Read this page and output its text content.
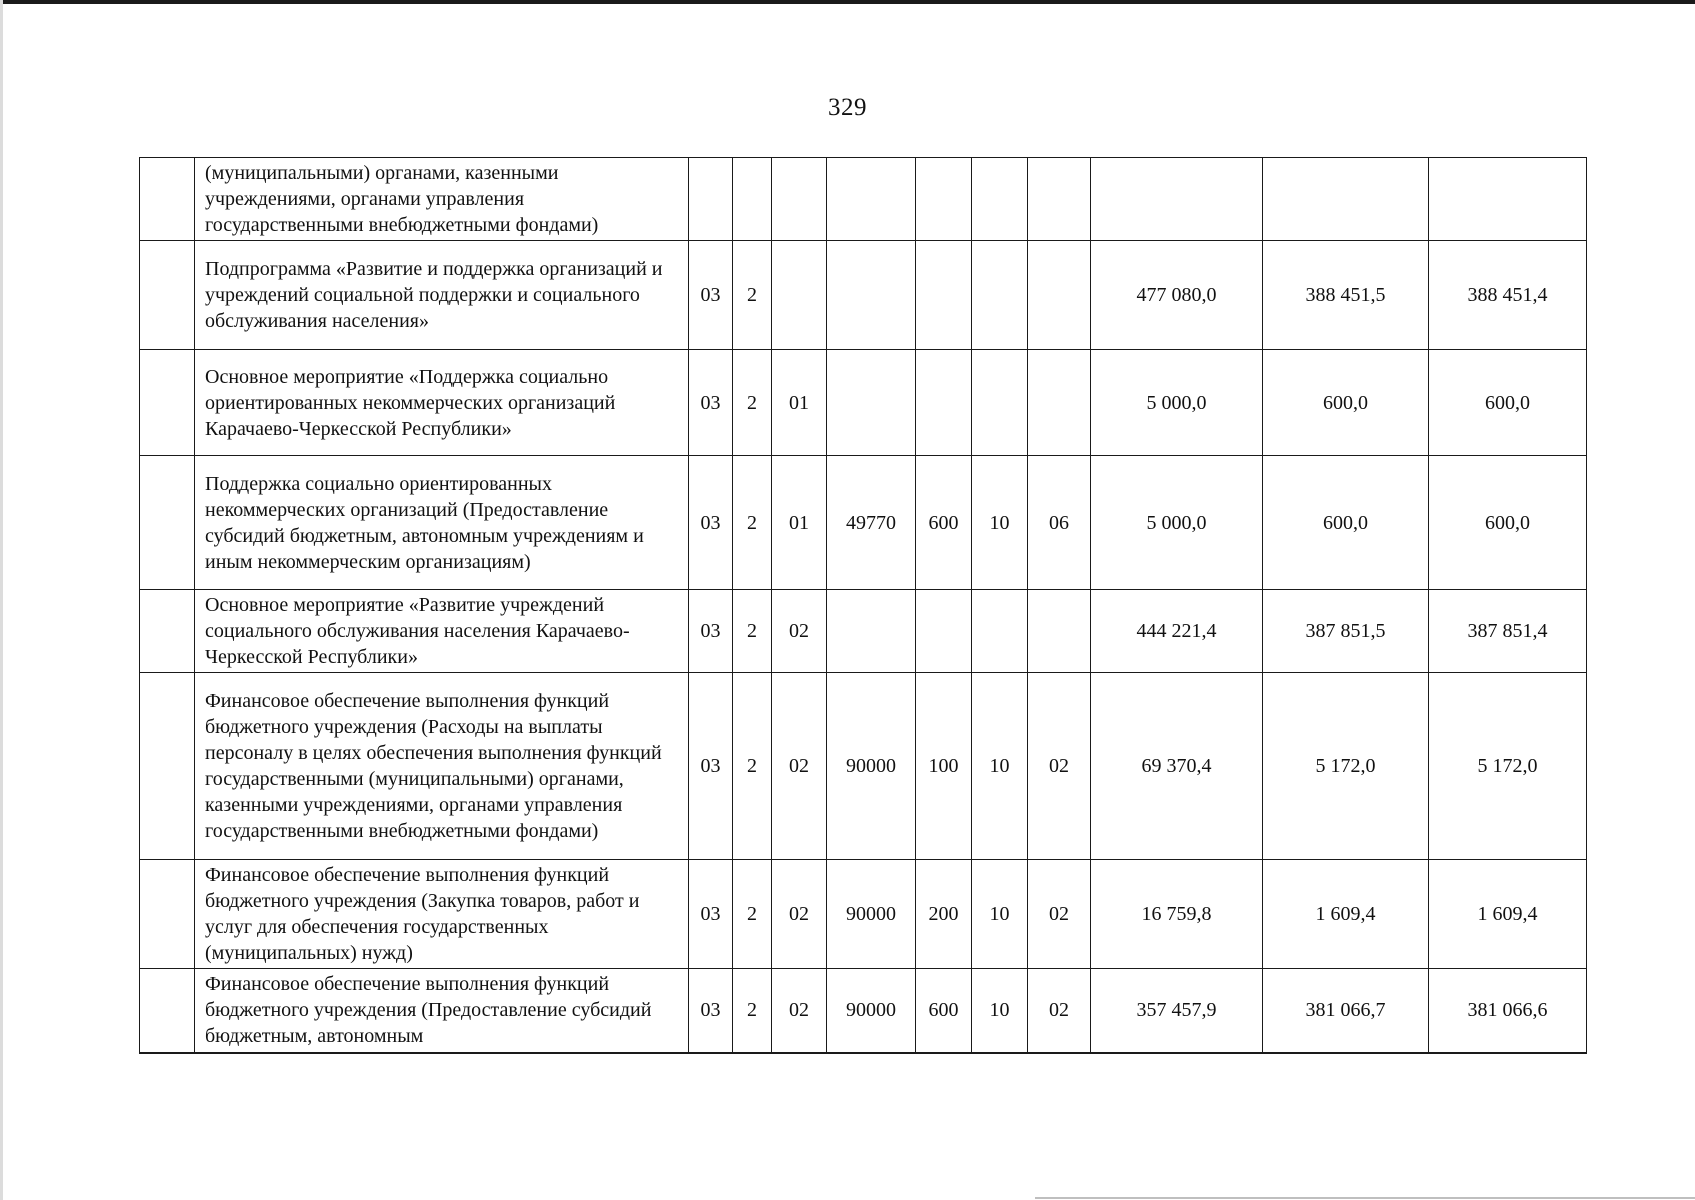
329
	(муниципальными) органами, казенными учреждениями, органами управления государственными внебюджетными фондами)										
	Подпрограмма «Развитие и поддержка организаций и учреждений социальной поддержки и социального обслуживания населения»	03	2						477 080,0	388 451,5	388 451,4
	Основное мероприятие «Поддержка социально ориентированных некоммерческих организаций Карачаево-Черкесской Республики»	03	2	01					5 000,0	600,0	600,0
	Поддержка социально ориентированных некоммерческих организаций (Предоставление субсидий бюджетным, автономным учреждениям и иным некоммерческим организациям)	03	2	01	49770	600	10	06	5 000,0	600,0	600,0
	Основное мероприятие «Развитие учреждений социального обслуживания населения Карачаево-Черкесской Республики»	03	2	02					444 221,4	387 851,5	387 851,4
	Финансовое обеспечение выполнения функций бюджетного учреждения (Расходы на выплаты персоналу в целях обеспечения выполнения функций государственными (муниципальными) органами, казенными учреждениями, органами управления государственными внебюджетными фондами)	03	2	02	90000	100	10	02	69 370,4	5 172,0	5 172,0
	Финансовое обеспечение выполнения функций бюджетного учреждения (Закупка товаров, работ и услуг для обеспечения государственных (муниципальных) нужд)	03	2	02	90000	200	10	02	16 759,8	1 609,4	1 609,4
	Финансовое обеспечение выполнения функций бюджетного учреждения (Предоставление субсидий бюджетным, автономным	03	2	02	90000	600	10	02	357 457,9	381 066,7	381 066,6
